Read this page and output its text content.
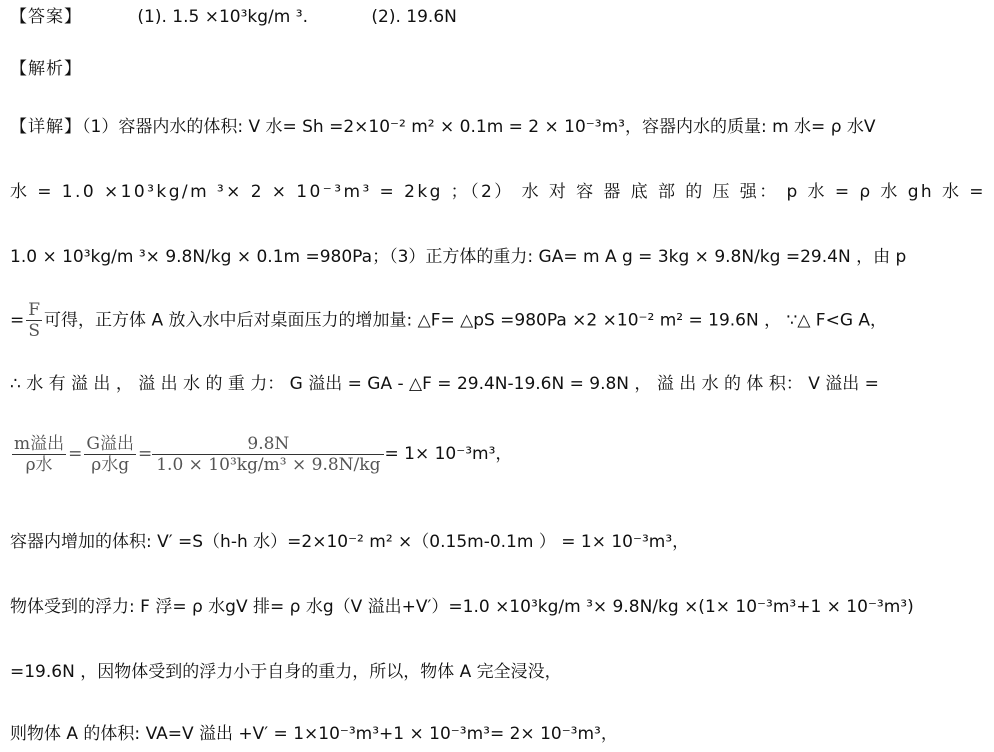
【答案】	(1). 1.5 ×10³kg/m ³.	(2). 19.6N
【解析】
【详解】（1）容器内水的体积: V 水= Sh =2×10⁻² m² × 0.1m = 2 × 10⁻³m³，容器内水的质量: m 水= ρ 水V
水 = 1.0 ×10³kg/m ³× 2 × 10⁻³m³ = 2kg ；（2） 水 对 容 器 底 部 的 压 强： p 水 = ρ 水 gh 水 =
1.0 × 10³kg/m ³× 9.8N/kg × 0.1m =980Pa；（3）正方体的重力: GA= m A g = 3kg × 9.8N/kg =29.4N ，由 p
= $\frac{F}{S}$ 可得，正方体 A 放入水中后对桌面压力的增加量: △F= △pS =980Pa ×2 ×10⁻² m² = 19.6N ， ∵△ F<G A，
∴ 水 有 溢 出 ， 溢 出 水 的 重 力： G 溢出 = GA - △F = 29.4N-19.6N = 9.8N ， 溢 出 水 的 体 积： V 溢出 =
$\frac{\text{m溢出}}{\text{ρ水}} = \frac{\text{G溢出}}{\text{ρ水g}} = \frac{9.8N}{\text{1.0 × 10³kg/m³ × 9.8N/kg}} = 1\times 10^{-3}m^3$，
容器内增加的体积: V′ =S（h-h 水）=2×10⁻² m² ×（0.15m-0.1m ） = 1× 10⁻³m³，
物体受到的浮力: F 浮= ρ 水gV 排= ρ 水g（V 溢出+V′）=1.0 ×10³kg/m ³× 9.8N/kg ×(1× 10⁻³m³+1 × 10⁻³m³)
=19.6N ，因物体受到的浮力小于自身的重力，所以，物体 A 完全浸没，
则物体 A 的体积: VA=V 溢出 +V′ = 1×10⁻³m³+1 × 10⁻³m³= 2× 10⁻³m³，
